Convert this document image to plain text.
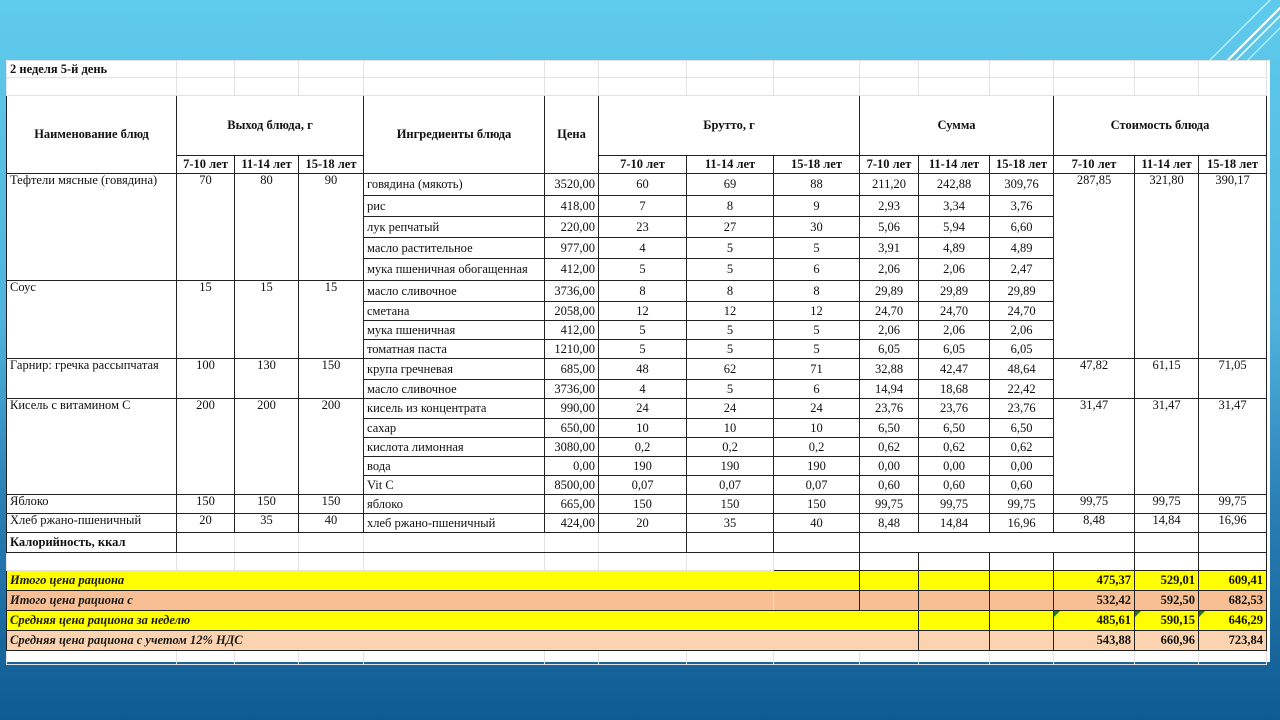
2 неделя 5-й день														

Наименование блюд	Выход блюда, г			Ингредиенты блюда	Цена	Брутто, г			Сумма			Стоимость блюда		
	7-10 лет	11-14 лет	15-18 лет			7-10 лет	11-14 лет	15-18 лет	7-10 лет	11-14 лет	15-18 лет	7-10 лет	11-14 лет	15-18 лет
Тефтели мясные (говядина)	70	80	90	говядина (мякоть)	3520,00	60	69	88	211,20	242,88	309,76	287,85	321,80	390,17
				рис	418,00	7	8	9	2,93	3,34	3,76			
				лук репчатый	220,00	23	27	30	5,06	5,94	6,60			
				масло растительное	977,00	4	5	5	3,91	4,89	4,89			
				мука пшеничная обогащенная	412,00	5	5	6	2,06	2,06	2,47			
Соус	15	15	15	масло сливочное	3736,00	8	8	8	29,89	29,89	29,89			
				сметана	2058,00	12	12	12	24,70	24,70	24,70			
				мука пшеничная	412,00	5	5	5	2,06	2,06	2,06			
				томатная паста	1210,00	5	5	5	6,05	6,05	6,05			
Гарнир: гречка рассыпчатая	100	130	150	крупа гречневая	685,00	48	62	71	32,88	42,47	48,64	47,82	61,15	71,05
				масло сливочное	3736,00	4	5	6	14,94	18,68	22,42			
Кисель с витамином С	200	200	200	кисель из концентрата	990,00	24	24	24	23,76	23,76	23,76	31,47	31,47	31,47
				сахар	650,00	10	10	10	6,50	6,50	6,50			
				кислота лимонная	3080,00	0,2	0,2	0,2	0,62	0,62	0,62			
				вода	0,00	190	190	190	0,00	0,00	0,00			
				Vit C	8500,00	0,07	0,07	0,07	0,60	0,60	0,60			
Яблоко	150	150	150	яблоко	665,00	150	150	150	99,75	99,75	99,75	99,75	99,75	99,75
Хлеб ржано-пшеничный	20	35	40	хлеб ржано-пшеничный	424,00	20	35	40	8,48	14,84	16,96	8,48	14,84	16,96
Калорийность, ккал														

Итого цена рациона												475,37	529,01	609,41
Итого цена рациона с												532,42	592,50	682,53
Средняя цена рациона за неделю												485,61	590,15	646,29
Средняя цена рациона с учетом 12% НДС												543,88	660,96	723,84
